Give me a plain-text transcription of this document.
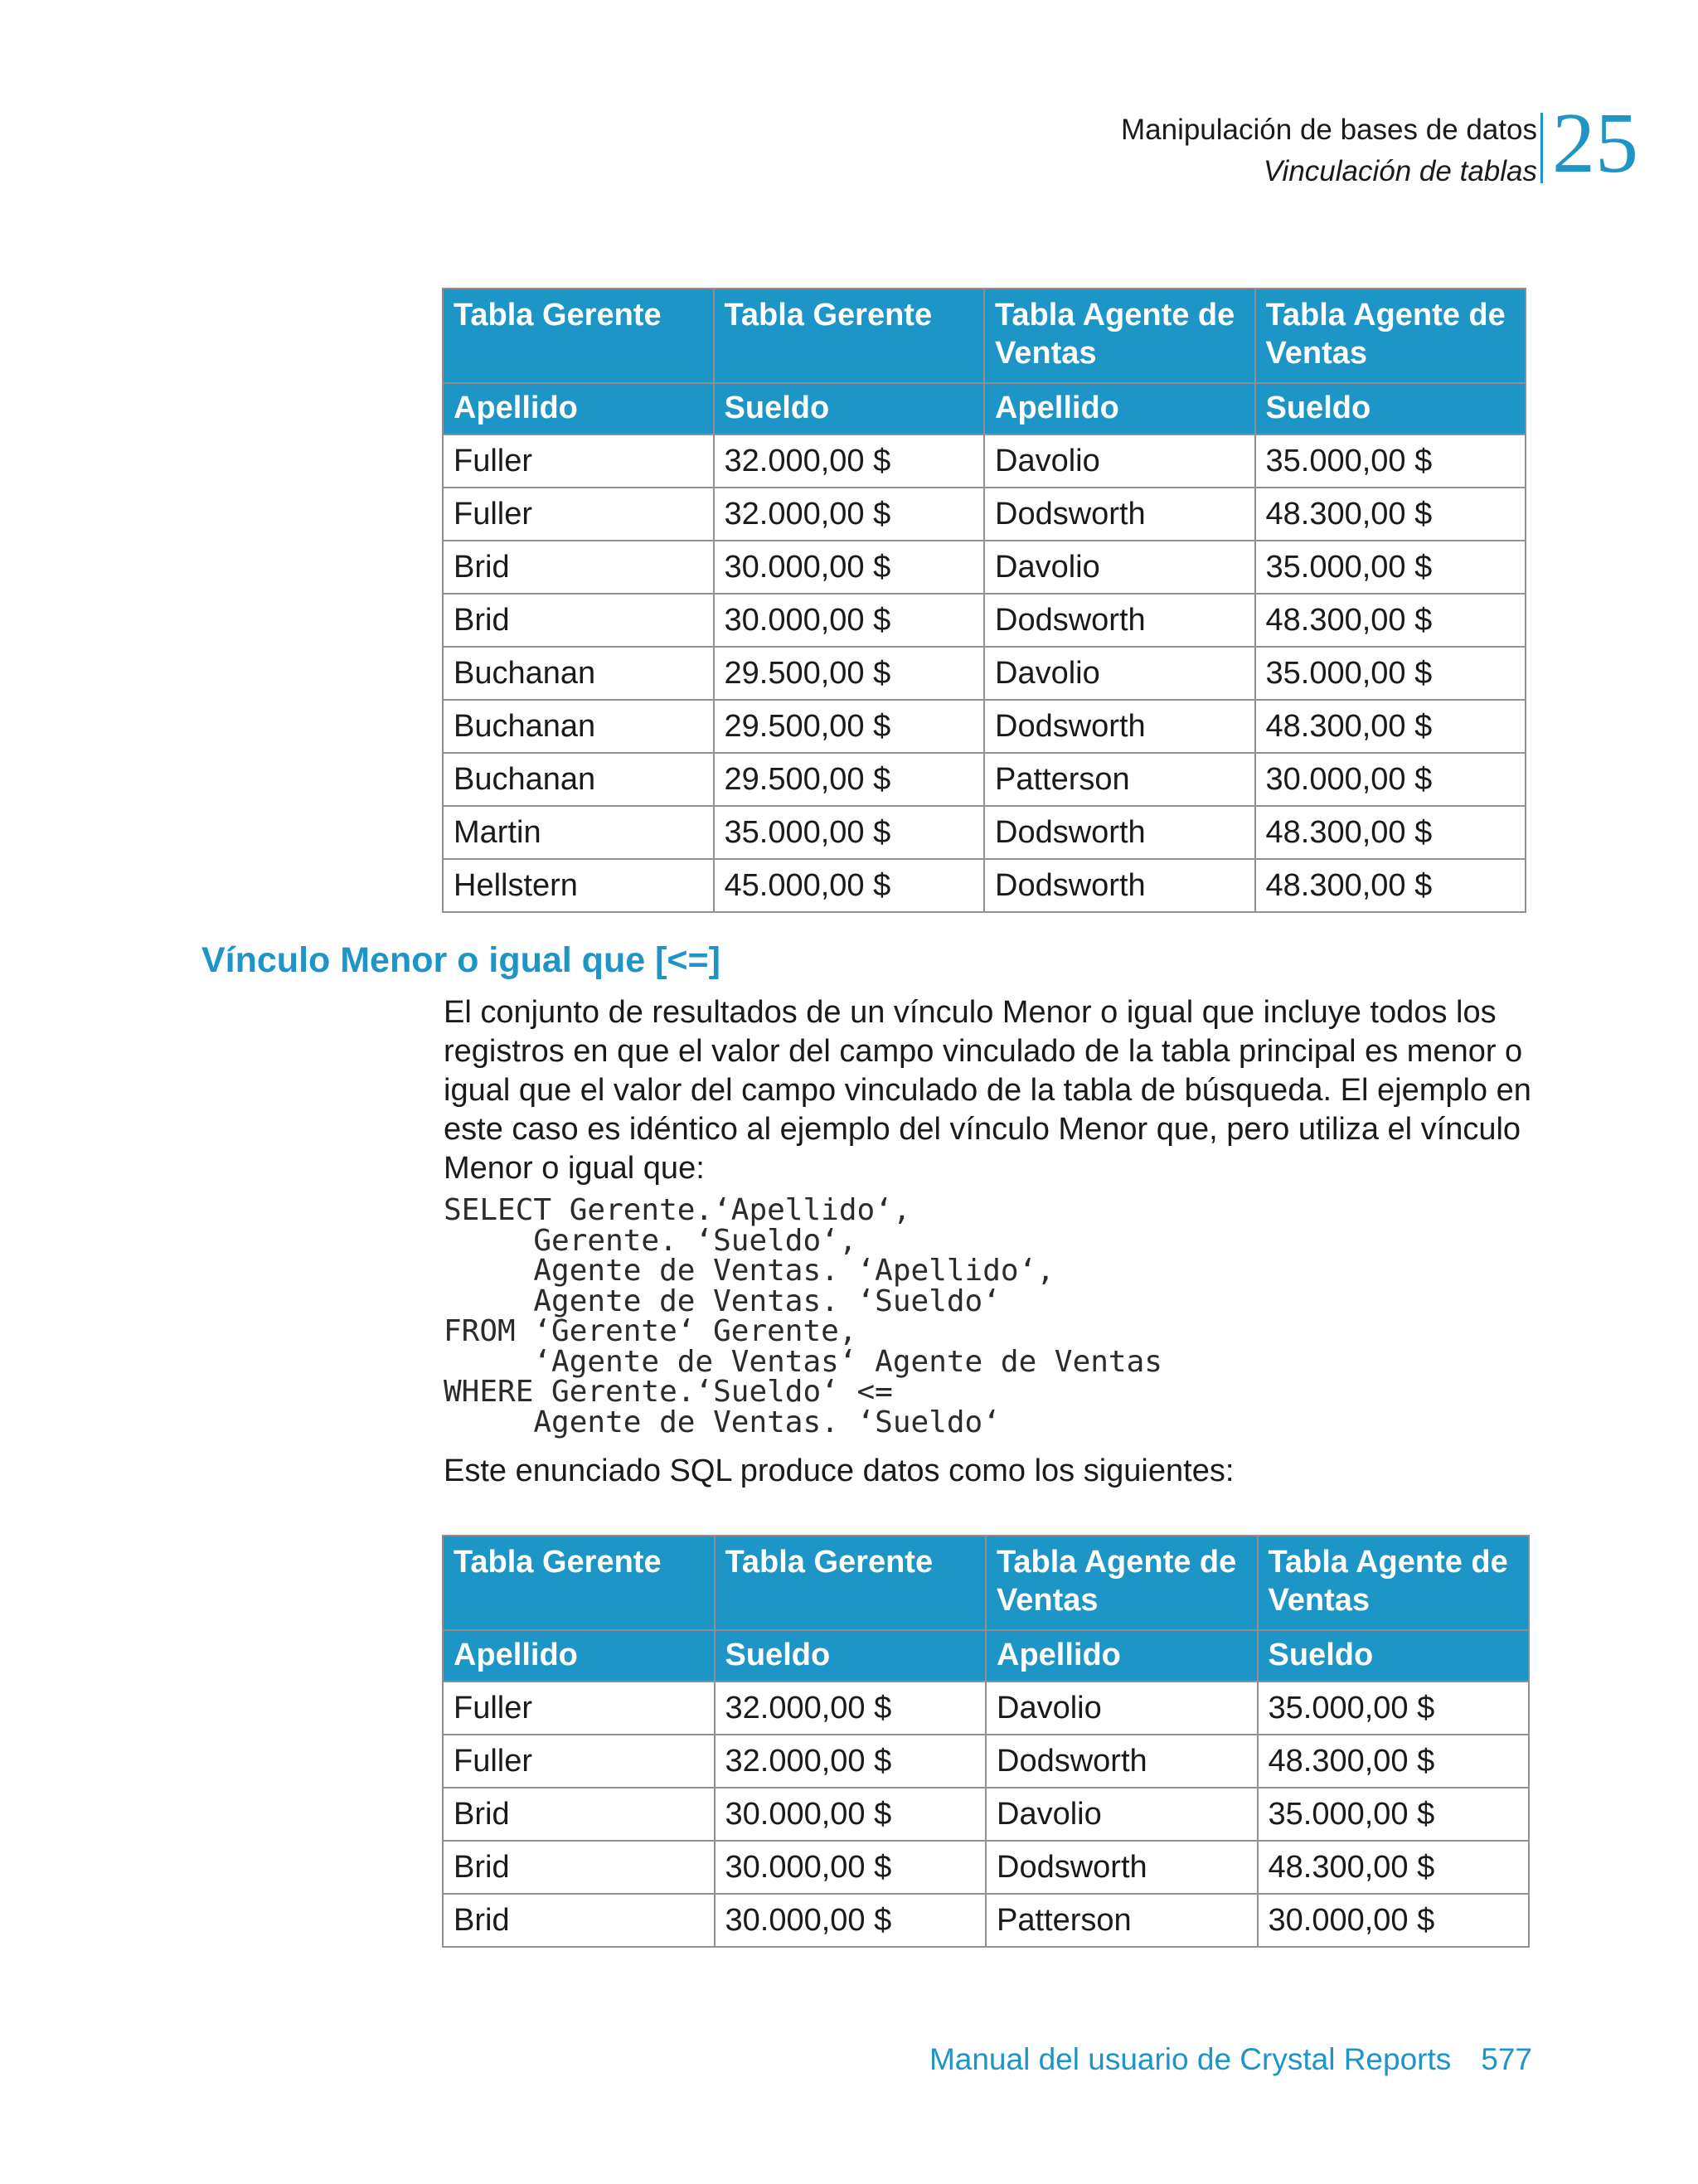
Manipulación de bases de datos
Vinculación de tablas 25
Tabla Gerente	Tabla Gerente	Tabla Agente de Ventas	Tabla Agente de Ventas
Apellido	Sueldo	Apellido	Sueldo
Fuller	32.000,00 $	Davolio	35.000,00 $
Fuller	32.000,00 $	Dodsworth	48.300,00 $
Brid	30.000,00 $	Davolio	35.000,00 $
Brid	30.000,00 $	Dodsworth	48.300,00 $
Buchanan	29.500,00 $	Davolio	35.000,00 $
Buchanan	29.500,00 $	Dodsworth	48.300,00 $
Buchanan	29.500,00 $	Patterson	30.000,00 $
Martin	35.000,00 $	Dodsworth	48.300,00 $
Hellstern	45.000,00 $	Dodsworth	48.300,00 $
Vínculo Menor o igual que [<=]
El conjunto de resultados de un vínculo Menor o igual que incluye todos los registros en que el valor del campo vinculado de la tabla principal es menor o igual que el valor del campo vinculado de la tabla de búsqueda. El ejemplo en este caso es idéntico al ejemplo del vínculo Menor que, pero utiliza el vínculo Menor o igual que:
SELECT Gerente.‘Apellido‘,
Gerente. ‘Sueldo‘,
Agente de Ventas. ‘Apellido‘,
Agente de Ventas. ‘Sueldo‘
FROM ‘Gerente‘ Gerente,
‘Agente de Ventas‘ Agente de Ventas
WHERE Gerente.‘Sueldo‘ <=
Agente de Ventas. ‘Sueldo‘
Este enunciado SQL produce datos como los siguientes:
Tabla Gerente	Tabla Gerente	Tabla Agente de Ventas	Tabla Agente de Ventas
Apellido	Sueldo	Apellido	Sueldo
Fuller	32.000,00 $	Davolio	35.000,00 $
Fuller	32.000,00 $	Dodsworth	48.300,00 $
Brid	30.000,00 $	Davolio	35.000,00 $
Brid	30.000,00 $	Dodsworth	48.300,00 $
Brid	30.000,00 $	Patterson	30.000,00 $
Manual del usuario de Crystal Reports 577
